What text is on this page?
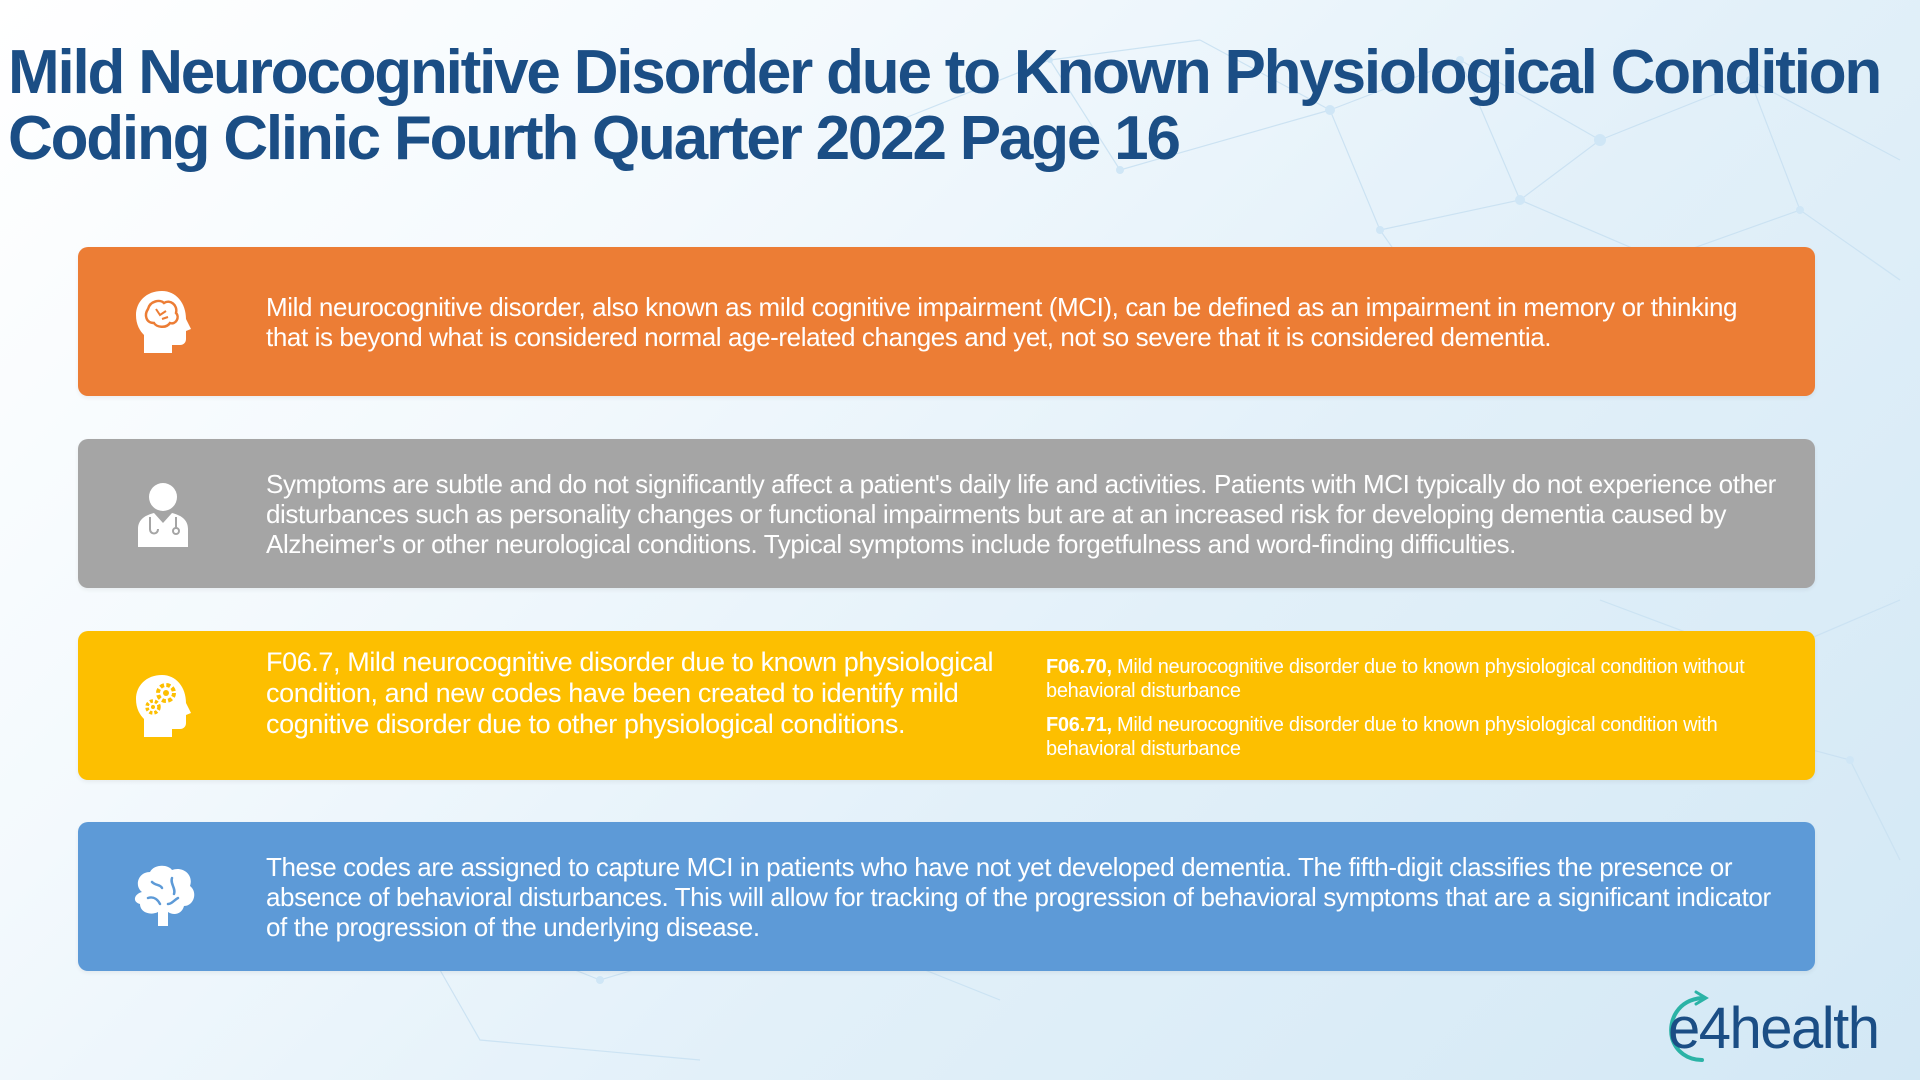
Mild Neurocognitive Disorder due to Known Physiological Condition
Coding Clinic Fourth Quarter 2022 Page 16
Mild neurocognitive disorder, also known as mild cognitive impairment (MCI), can be defined as an impairment in memory or thinking that is beyond what is considered normal age-related changes and yet, not so severe that it is considered dementia.
Symptoms are subtle and do not significantly affect a patient's daily life and activities. Patients with MCI typically do not experience other disturbances such as personality changes or functional impairments but are at an increased risk for developing dementia caused by Alzheimer's or other neurological conditions. Typical symptoms include forgetfulness and word-finding difficulties.
F06.7, Mild neurocognitive disorder due to known physiological condition, and new codes have been created to identify mild cognitive disorder due to other physiological conditions.
F06.70, Mild neurocognitive disorder due to known physiological condition without behavioral disturbance
F06.71, Mild neurocognitive disorder due to known physiological condition with behavioral disturbance
These codes are assigned to capture MCI in patients who have not yet developed dementia. The fifth-digit classifies the presence or absence of behavioral disturbances. This will allow for tracking of the progression of behavioral symptoms that are a significant indicator of the progression of the underlying disease.
e4health
